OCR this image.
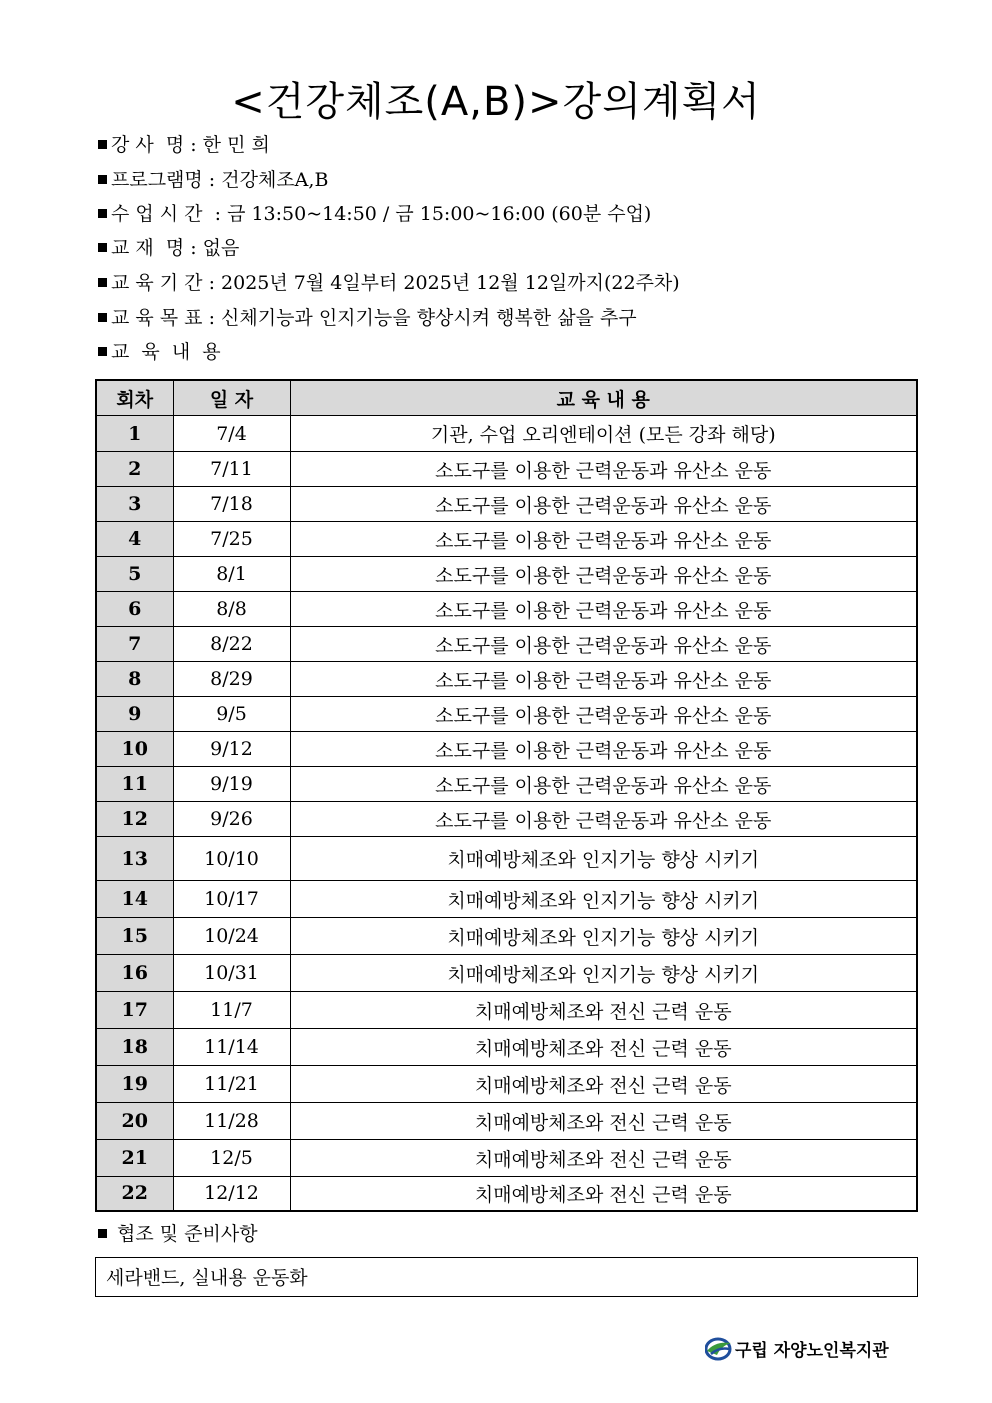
<건강체조(A,B)>강의계획서
강 사  명 : 한 민 희
프로그램명 : 건강체조A,B
수 업 시 간  : 금 13:50~14:50 / 금 15:00~16:00 (60분 수업)
교 재  명 : 없음
교 육 기 간 : 2025년 7월 4일부터 2025년 12월 12일까지(22주차)
교 육 목 표 : 신체기능과 인지기능을 향상시켜 행복한 삶을 추구
교  육  내  용
회차	일 자	교 육 내 용
1	7/4	기관, 수업 오리엔테이션 (모든 강좌 해당)
2	7/11	소도구를 이용한 근력운동과 유산소 운동
3	7/18	소도구를 이용한 근력운동과 유산소 운동
4	7/25	소도구를 이용한 근력운동과 유산소 운동
5	8/1	소도구를 이용한 근력운동과 유산소 운동
6	8/8	소도구를 이용한 근력운동과 유산소 운동
7	8/22	소도구를 이용한 근력운동과 유산소 운동
8	8/29	소도구를 이용한 근력운동과 유산소 운동
9	9/5	소도구를 이용한 근력운동과 유산소 운동
10	9/12	소도구를 이용한 근력운동과 유산소 운동
11	9/19	소도구를 이용한 근력운동과 유산소 운동
12	9/26	소도구를 이용한 근력운동과 유산소 운동
13	10/10	치매예방체조와 인지기능 향상 시키기
14	10/17	치매예방체조와 인지기능 향상 시키기
15	10/24	치매예방체조와 인지기능 향상 시키기
16	10/31	치매예방체조와 인지기능 향상 시키기
17	11/7	치매예방체조와 전신 근력 운동
18	11/14	치매예방체조와 전신 근력 운동
19	11/21	치매예방체조와 전신 근력 운동
20	11/28	치매예방체조와 전신 근력 운동
21	12/5	치매예방체조와 전신 근력 운동
22	12/12	치매예방체조와 전신 근력 운동
협조 및 준비사항
세라밴드, 실내용 운동화
구립 자양노인복지관
